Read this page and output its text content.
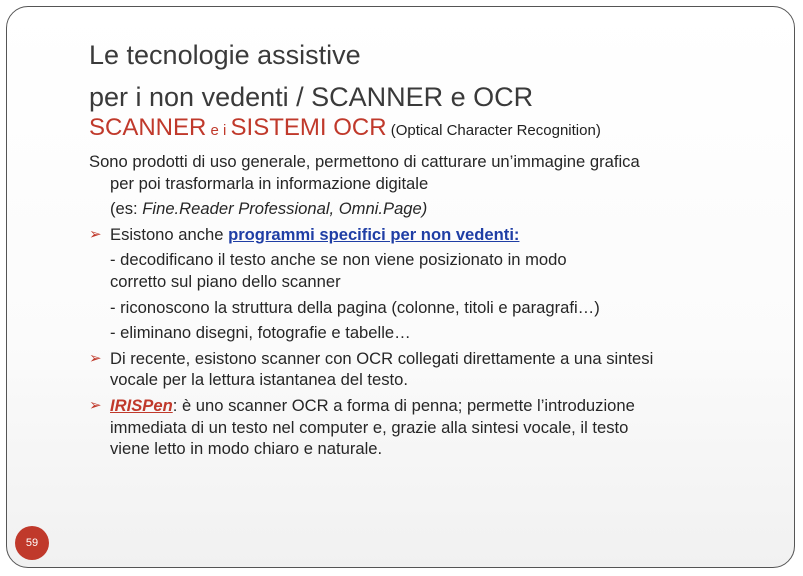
Le tecnologie assistive
per i non vedenti / SCANNER e OCR
SCANNER e i SISTEMI OCR (Optical Character Recognition)

Sono prodotti di uso generale, permettono di catturare un’immagine grafica

per poi trasformarla in informazione digitale

(es: Fine.Reader Professional, Omni.Page)

➢ Esistono anche programmi specifici per non vedenti:

- decodificano il testo anche se non viene posizionato in modo

corretto sul piano dello scanner

- riconoscono la struttura della pagina (colonne, titoli e paragrafi…)

- eliminano disegni, fotografie e tabelle…

➢ Di recente, esistono scanner con OCR collegati direttamente a una sintesi

vocale per la lettura istantanea del testo.

➢ IRISPen: è uno scanner OCR a forma di penna; permette l’introduzione

immediata di un testo nel computer e, grazie alla sintesi vocale, il testo

viene letto in modo chiaro e naturale.

59
